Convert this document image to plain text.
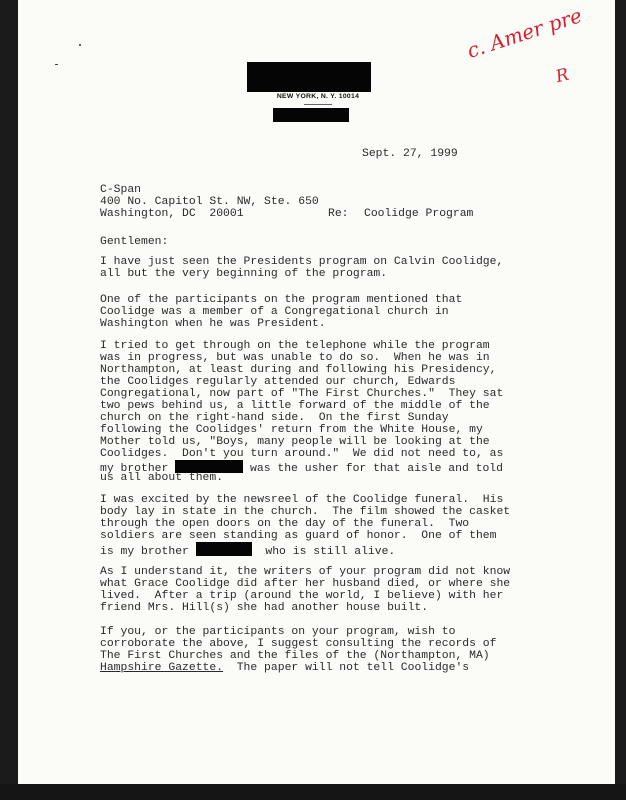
NEW YORK, N. Y. 10014
c. Amer pre
R
Sept. 27, 1999
C-Span
400 No. Capitol St. NW, Ste. 650
Washington, DC  20001	Re: Coolidge Program
Gentlemen:
I have just seen the Presidents program on Calvin Coolidge,
all but the very beginning of the program.
One of the participants on the program mentioned that
Coolidge was a member of a Congregational church in
Washington when he was President.
I tried to get through on the telephone while the program
was in progress, but was unable to do so.  When he was in
Northampton, at least during and following his Presidency,
the Coolidges regularly attended our church, Edwards
Congregational, now part of "The First Churches."  They sat
two pews behind us, a little forward of the middle of the
church on the right-hand side.  On the first Sunday
following the Coolidges' return from the White House, my
Mother told us, "Boys, many people will be looking at the
Coolidges.  Don't you turn around."  We did not need to, as
my brother	was the usher for that aisle and told
us all about them.
I was excited by the newsreel of the Coolidge funeral.  His
body lay in state in the church.  The film showed the casket
through the open doors on the day of the funeral.  Two
soldiers are seen standing as guard of honor.  One of them
is my brother	who is still alive.
As I understand it, the writers of your program did not know
what Grace Coolidge did after her husband died, or where she
lived.  After a trip (around the world, I believe) with her
friend Mrs. Hill(s) she had another house built.
If you, or the participants on your program, wish to
corroborate the above, I suggest consulting the records of
The First Churches and the files of the (Northampton, MA)
Hampshire Gazette.  The paper will not tell Coolidge's
